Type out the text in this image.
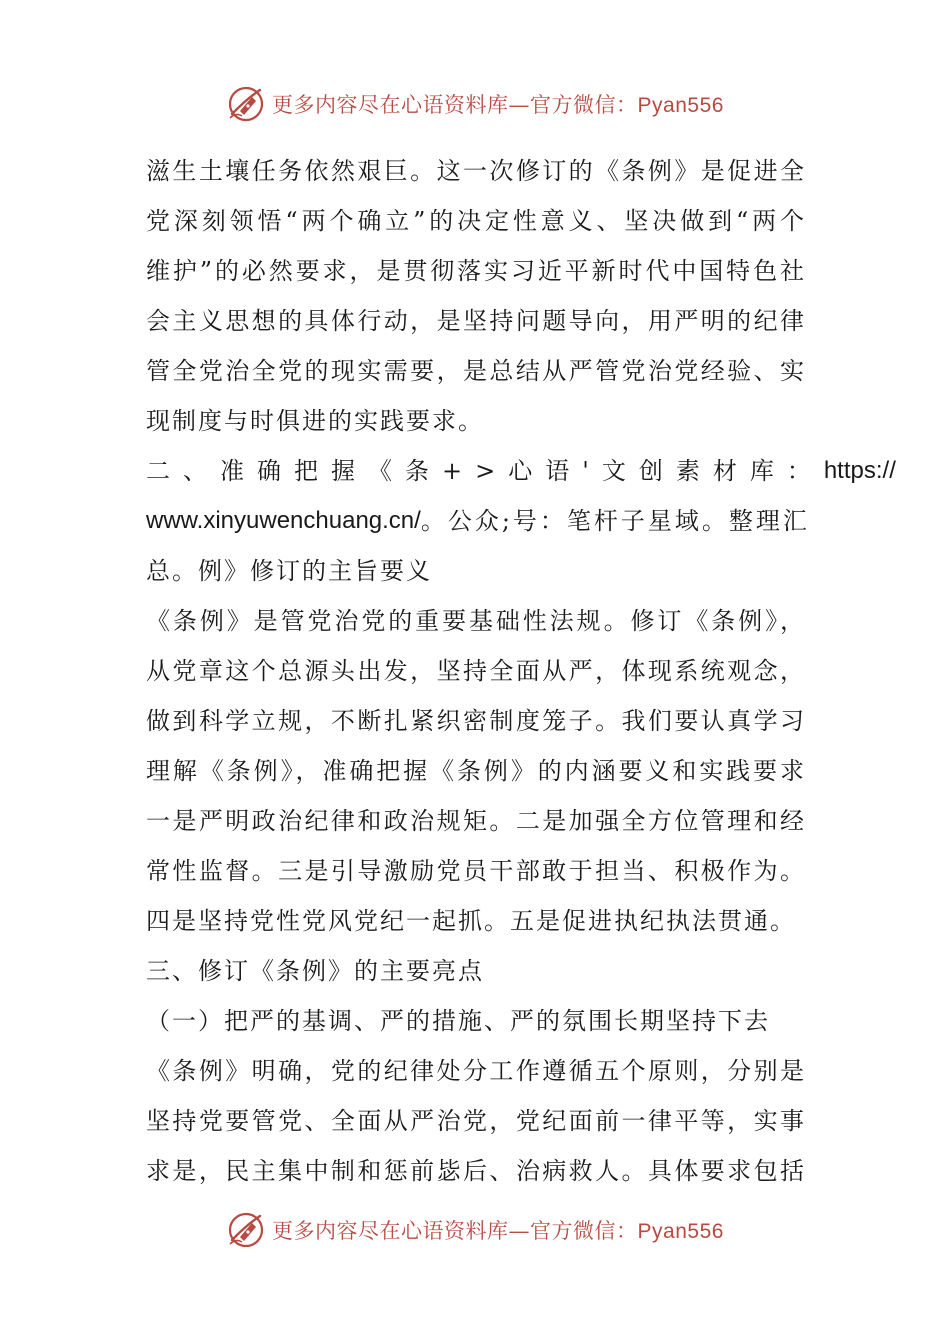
更多内容尽在心语资料库—官方微信：Pyan556
滋生土壤任务依然艰巨。这一次修订的《条例》是促进全
党深刻领悟“两个确立”的决定性意义、坚决做到“两个
维护”的必然要求，是贯彻落实习近平新时代中国特色社
会主义思想的具体行动，是坚持问题导向，用严明的纪律
管全党治全党的现实需要，是总结从严管党治党经验、实
现制度与时俱进的实践要求。
二、准确把握《条+>心语'文创素材库： https://
www.xinyuwenchuang.cn/ 。公众;号：笔杆子星域。整理汇
总。例》修订的主旨要义
《条例》是管党治党的重要基础性法规。修订《条例》，
从党章这个总源头出发，坚持全面从严，体现系统观念，
做到科学立规，不断扎紧织密制度笼子。我们要认真学习
理解《条例》，准确把握《条例》的内涵要义和实践要求
一是严明政治纪律和政治规矩。二是加强全方位管理和经
常性监督。三是引导激励党员干部敢于担当、积极作为。
四是坚持党性党风党纪一起抓。五是促进执纪执法贯通。
三、修订《条例》的主要亮点
（一）把严的基调、严的措施、严的氛围长期坚持下去
《条例》明确，党的纪律处分工作遵循五个原则，分别是
坚持党要管党、全面从严治党，党纪面前一律平等，实事
求是，民主集中制和惩前毖后、治病救人。具体要求包括
更多内容尽在心语资料库—官方微信：Pyan556
